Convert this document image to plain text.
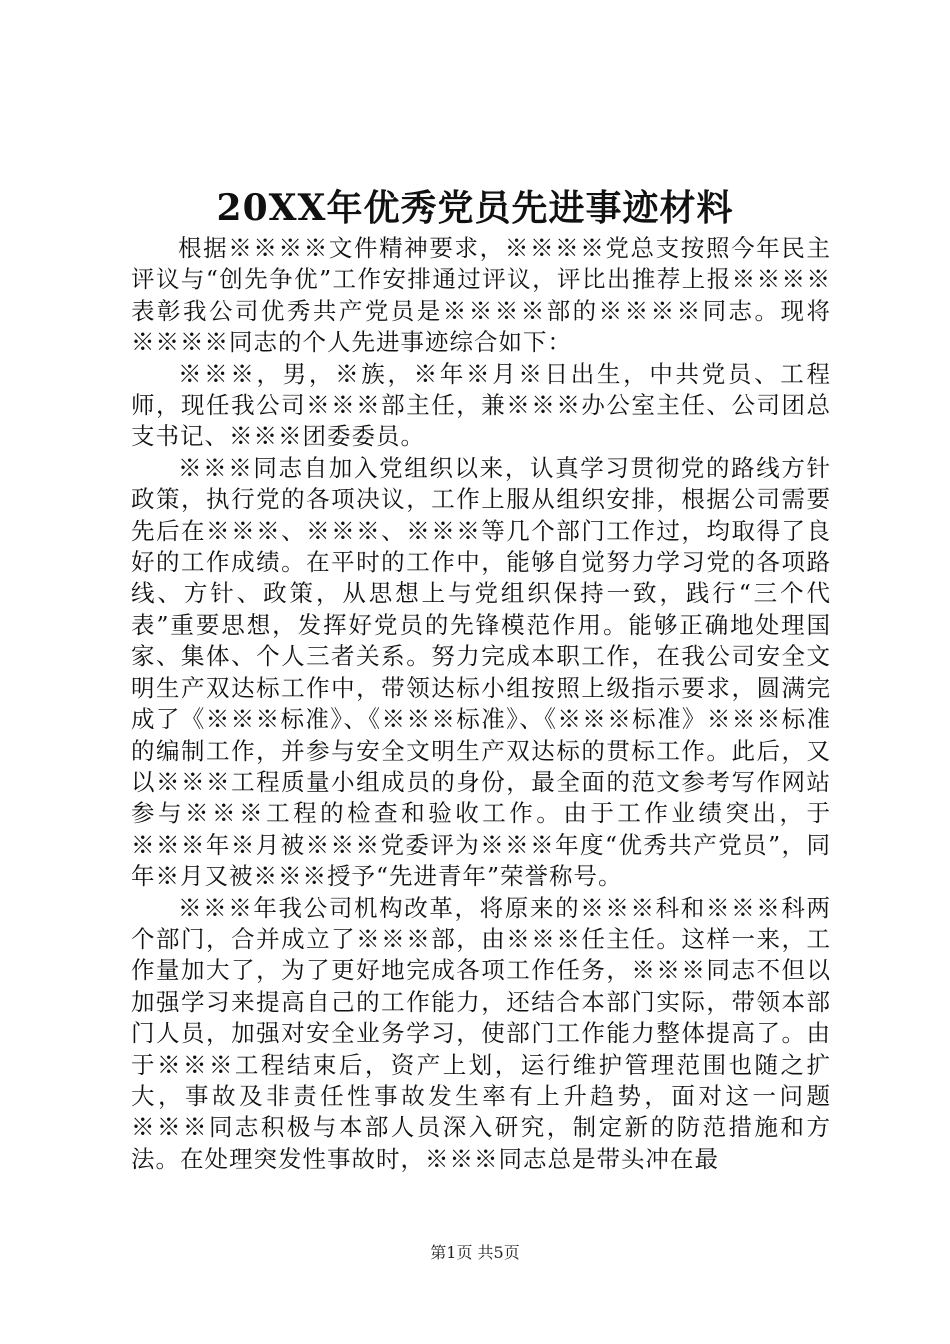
20XX年优秀党员先进事迹材料

根据※※※※文件精神要求，※※※※党总支按照今年民主评议与“创先争优”工作安排通过评议，评比出推荐上报※※※※表彰我公司优秀共产党员是※※※※部的※※※※同志。现将※※※※同志的个人先进事迹综合如下：

※※※，男，※族，※年※月※日出生，中共党员、工程师，现任我公司※※※部主任，兼※※※办公室主任、公司团总支书记、※※※团委委员。

※※※同志自加入党组织以来，认真学习贯彻党的路线方针政策，执行党的各项决议，工作上服从组织安排，根据公司需要先后在※※※、※※※、※※※等几个部门工作过，均取得了良好的工作成绩。在平时的工作中，能够自觉努力学习党的各项路线、方针、政策，从思想上与党组织保持一致，践行“三个代表”重要思想，发挥好党员的先锋模范作用。能够正确地处理国家、集体、个人三者关系。努力完成本职工作，在我公司安全文明生产双达标工作中，带领达标小组按照上级指示要求，圆满完成了《※※※标准》、《※※※标准》、《※※※标准》※※※标准的编制工作，并参与安全文明生产双达标的贯标工作。此后，又以※※※工程质量小组成员的身份，最全面的范文参考写作网站参与※※※工程的检查和验收工作。由于工作业绩突出，于※※※年※月被※※※党委评为※※※年度“优秀共产党员”，同年※月又被※※※授予“先进青年”荣誉称号。

※※※年我公司机构改革，将原来的※※※科和※※※科两个部门，合并成立了※※※部，由※※※任主任。这样一来，工作量加大了，为了更好地完成各项工作任务，※※※同志不但以加强学习来提高自己的工作能力，还结合本部门实际，带领本部门人员，加强对安全业务学习，使部门工作能力整体提高了。由于※※※工程结束后，资产上划，运行维护管理范围也随之扩大，事故及非责任性事故发生率有上升趋势，面对这一问题※※※同志积极与本部人员深入研究，制定新的防范措施和方法。在处理突发性事故时，※※※同志总是带头冲在最

第1页 共5页
